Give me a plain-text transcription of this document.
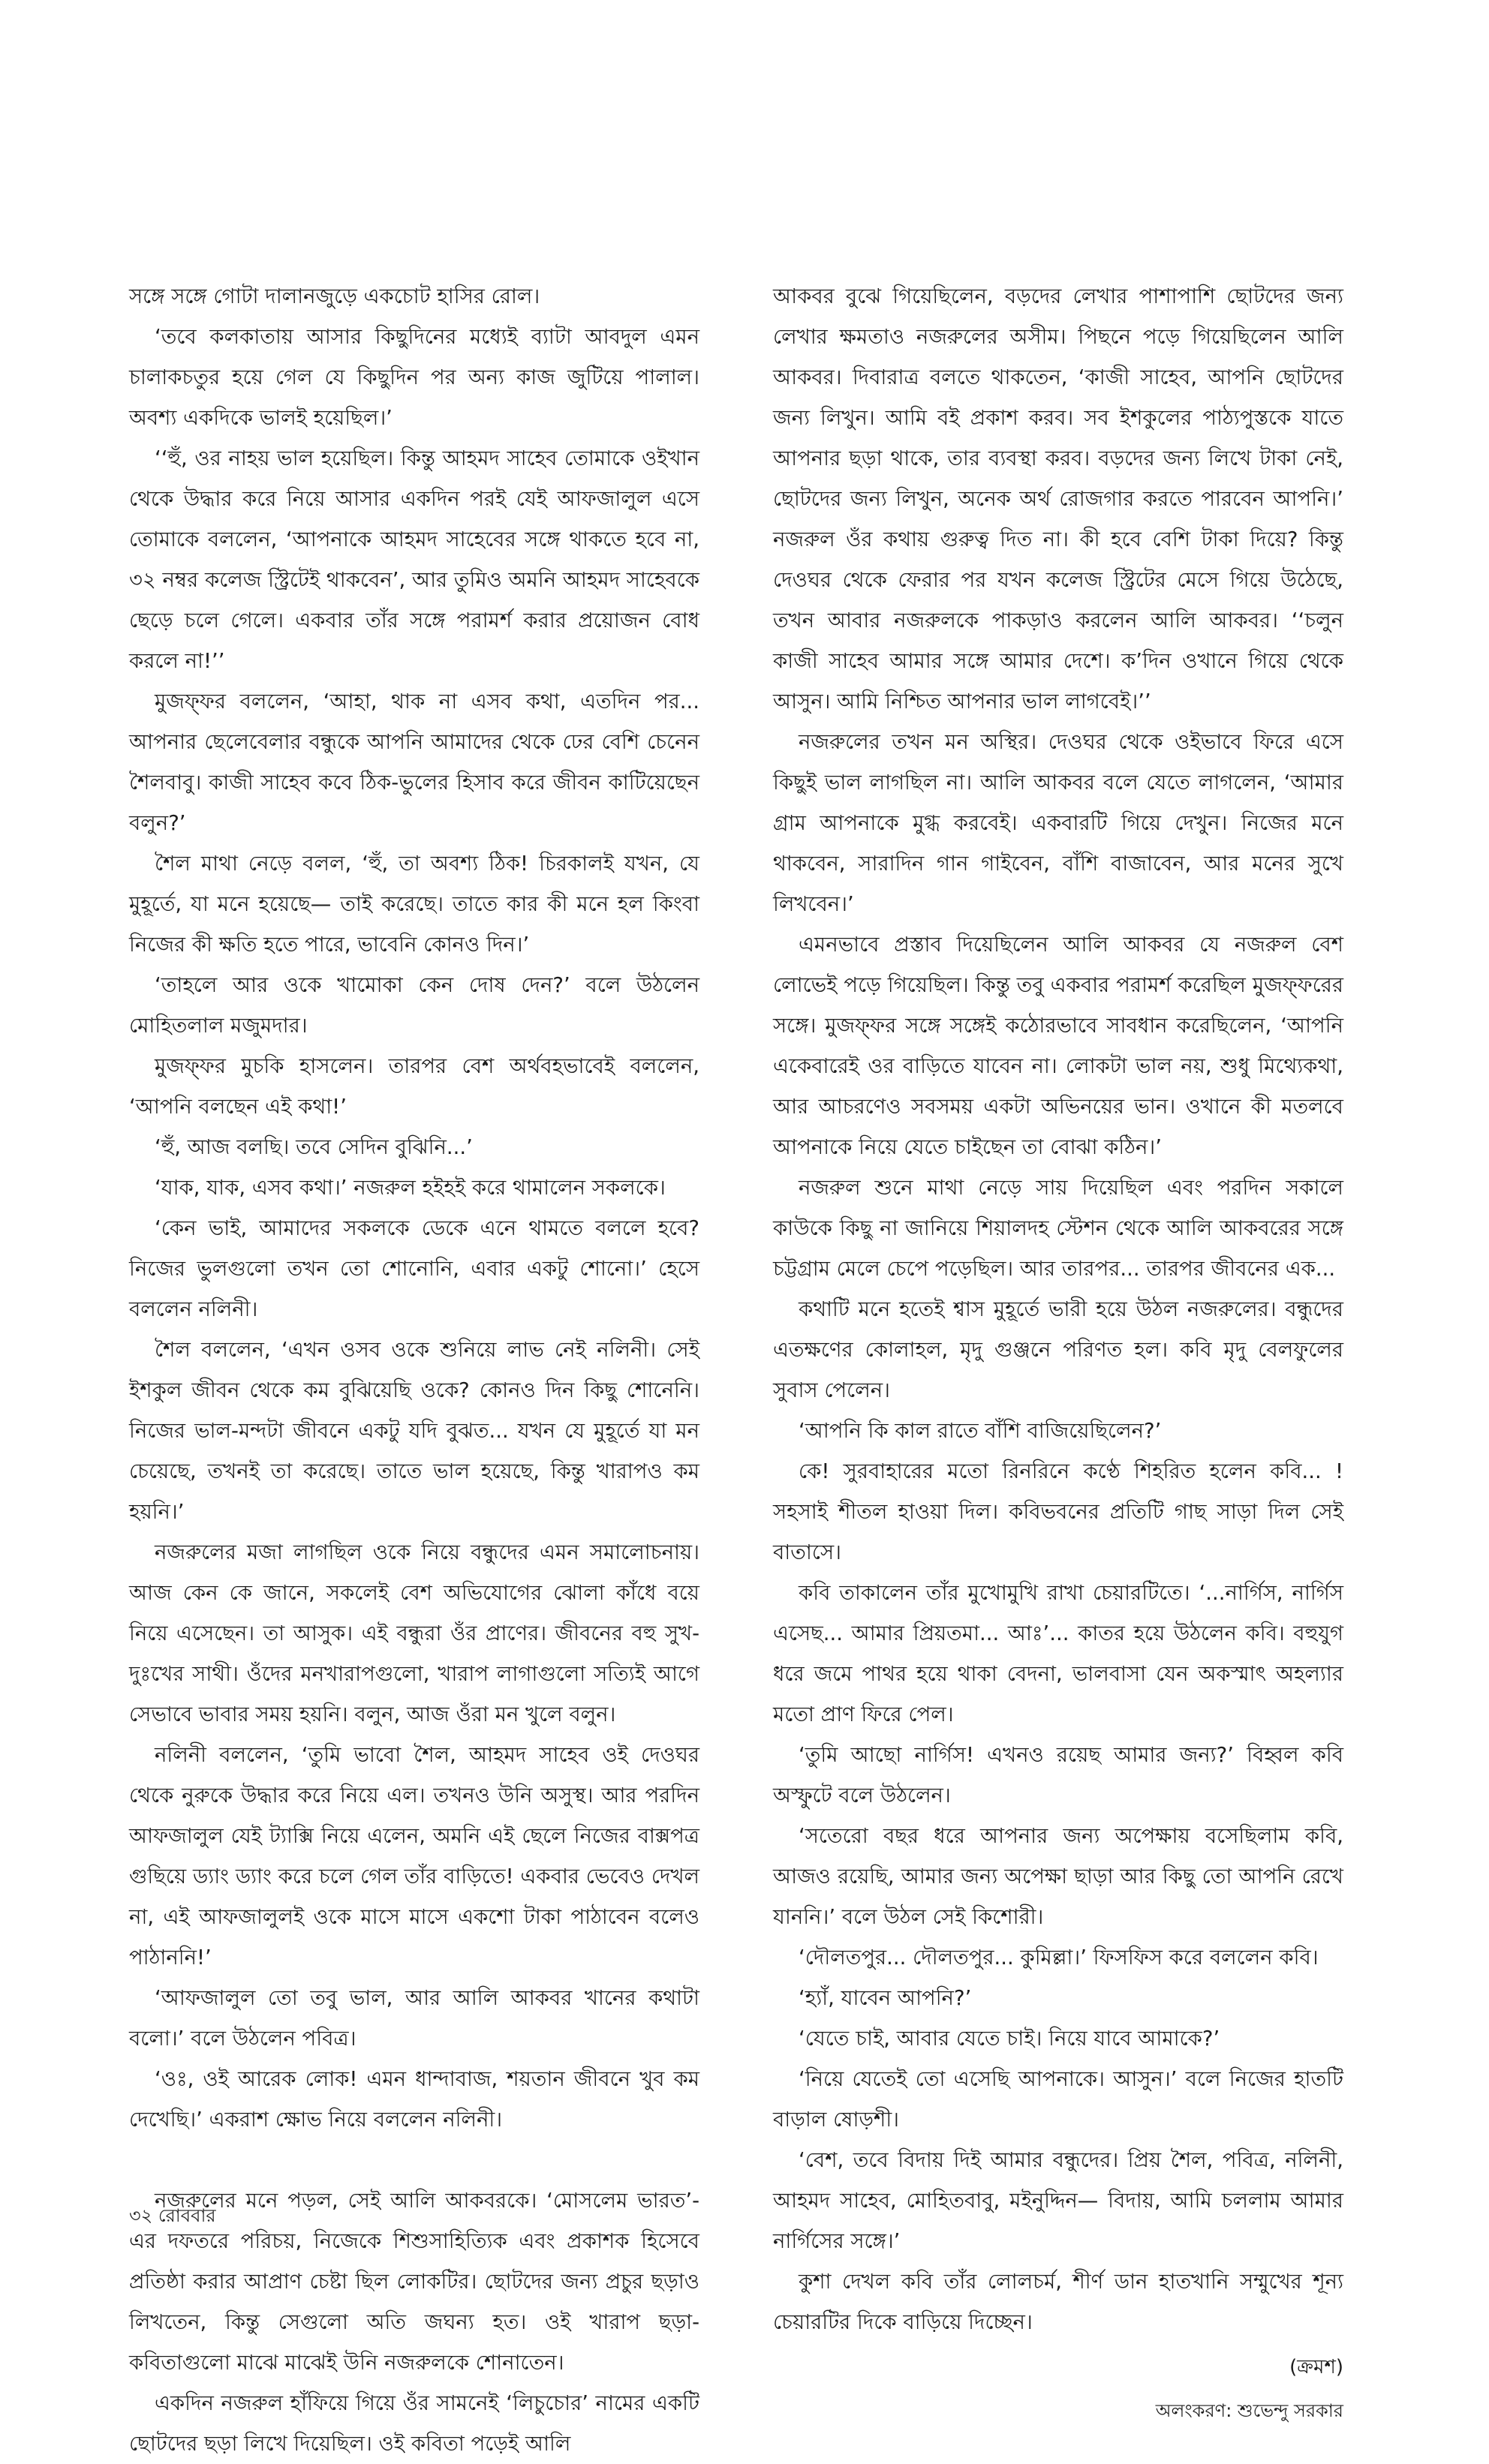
সঙ্গে সঙ্গে গোটা দালানজুড়ে একচোট হাসির রোল।

‘তবে কলকাতায় আসার কিছুদিনের মধ্যেই ব্যাটা আবদুল এমন চালাকচতুর হয়ে গেল যে কিছুদিন পর অন্য কাজ জুটিয়ে পালাল। অবশ্য একদিকে ভালই হয়েছিল।’

‘‘হুঁ, ওর নাহয় ভাল হয়েছিল। কিন্তু আহমদ সাহেব তোমাকে ওইখান থেকে উদ্ধার করে নিয়ে আসার একদিন পরই যেই আফজালুল এসে তোমাকে বললেন, ‘আপনাকে আহমদ সাহেবের সঙ্গে থাকতে হবে না, ৩২ নম্বর কলেজ স্ট্রিটেই থাকবেন’, আর তুমিও অমনি আহমদ সাহেবকে ছেড়ে চলে গেলে। একবার তাঁর সঙ্গে পরামর্শ করার প্রয়োজন বোধ করলে না!’’

মুজফ্ফর বললেন, ‘আহা, থাক না এসব কথা, এতদিন পর... আপনার ছেলেবেলার বন্ধুকে আপনি আমাদের থেকে ঢের বেশি চেনেন শৈলবাবু। কাজী সাহেব কবে ঠিক-ভুলের হিসাব করে জীবন কাটিয়েছেন বলুন?’

শৈল মাথা নেড়ে বলল, ‘হুঁ, তা অবশ্য ঠিক! চিরকালই যখন, যে মুহূর্তে, যা মনে হয়েছে— তাই করেছে। তাতে কার কী মনে হল কিংবা নিজের কী ক্ষতি হতে পারে, ভাবেনি কোনও দিন।’

‘তাহলে আর ওকে খামোকা কেন দোষ দেন?’ বলে উঠলেন মোহিতলাল মজুমদার।

মুজফ্ফর মুচকি হাসলেন। তারপর বেশ অর্থবহভাবেই বললেন, ‘আপনি বলছেন এই কথা!’

‘হুঁ, আজ বলছি। তবে সেদিন বুঝিনি...’

‘যাক, যাক, এসব কথা।’ নজরুল হইহই করে থামালেন সকলকে।

‘কেন ভাই, আমাদের সকলকে ডেকে এনে থামতে বললে হবে? নিজের ভুলগুলো তখন তো শোনোনি, এবার একটু শোনো।’ হেসে বললেন নলিনী।

শৈল বললেন, ‘এখন ওসব ওকে শুনিয়ে লাভ নেই নলিনী। সেই ইশকুল জীবন থেকে কম বুঝিয়েছি ওকে? কোনও দিন কিছু শোনেনি। নিজের ভাল-মন্দটা জীবনে একটু যদি বুঝত... যখন যে মুহূর্তে যা মন চেয়েছে, তখনই তা করেছে। তাতে ভাল হয়েছে, কিন্তু খারাপও কম হয়নি।’

নজরুলের মজা লাগছিল ওকে নিয়ে বন্ধুদের এমন সমালোচনায়। আজ কেন কে জানে, সকলেই বেশ অভিযোগের ঝোলা কাঁধে বয়ে নিয়ে এসেছেন। তা আসুক। এই বন্ধুরা ওঁর প্রাণের। জীবনের বহু সুখ-দুঃখের সাথী। ওঁদের মনখারাপগুলো, খারাপ লাগাগুলো সত্যিই আগে সেভাবে ভাবার সময় হয়নি। বলুন, আজ ওঁরা মন খুলে বলুন।

নলিনী বললেন, ‘তুমি ভাবো শৈল, আহমদ সাহেব ওই দেওঘর থেকে নুরুকে উদ্ধার করে নিয়ে এল। তখনও উনি অসুস্থ। আর পরদিন আফজালুল যেই ট্যাক্সি নিয়ে এলেন, অমনি এই ছেলে নিজের বাক্সপত্র গুছিয়ে ড্যাং ড্যাং করে চলে গেল তাঁর বাড়িতে! একবার ভেবেও দেখল না, এই আফজালুলই ওকে মাসে মাসে একশো টাকা পাঠাবেন বলেও পাঠাননি!’

‘আফজালুল তো তবু ভাল, আর আলি আকবর খানের কথাটা বলো।’ বলে উঠলেন পবিত্র।

‘ওঃ, ওই আরেক লোক! এমন ধান্দাবাজ, শয়তান জীবনে খুব কম দেখেছি।’ একরাশ ক্ষোভ নিয়ে বললেন নলিনী।

নজরুলের মনে পড়ল, সেই আলি আকবরকে। ‘মোসলেম ভারত’-এর দফতরে পরিচয়, নিজেকে শিশুসাহিত্যিক এবং প্রকাশক হিসেবে প্রতিষ্ঠা করার আপ্রাণ চেষ্টা ছিল লোকটির। ছোটদের জন্য প্রচুর ছড়াও লিখতেন, কিন্তু সেগুলো অতি জঘন্য হত। ওই খারাপ ছড়া-কবিতাগুলো মাঝে মাঝেই উনি নজরুলকে শোনাতেন।

একদিন নজরুল হাঁফিয়ে গিয়ে ওঁর সামনেই ‘লিচুচোর’ নামের একটি ছোটদের ছড়া লিখে দিয়েছিল। ওই কবিতা পড়েই আলি

আকবর বুঝে গিয়েছিলেন, বড়দের লেখার পাশাপাশি ছোটদের জন্য লেখার ক্ষমতাও নজরুলের অসীম। পিছনে পড়ে গিয়েছিলেন আলি আকবর। দিবারাত্র বলতে থাকতেন, ‘কাজী সাহেব, আপনি ছোটদের জন্য লিখুন। আমি বই প্রকাশ করব। সব ইশকুলের পাঠ্যপুস্তকে যাতে আপনার ছড়া থাকে, তার ব্যবস্থা করব। বড়দের জন্য লিখে টাকা নেই, ছোটদের জন্য লিখুন, অনেক অর্থ রোজগার করতে পারবেন আপনি।’ নজরুল ওঁর কথায় গুরুত্ব দিত না। কী হবে বেশি টাকা দিয়ে? কিন্তু দেওঘর থেকে ফেরার পর যখন কলেজ স্ট্রিটের মেসে গিয়ে উঠেছে, তখন আবার নজরুলকে পাকড়াও করলেন আলি আকবর। ‘‘চলুন কাজী সাহেব আমার সঙ্গে আমার দেশে। ক’দিন ওখানে গিয়ে থেকে আসুন। আমি নিশ্চিত আপনার ভাল লাগবেই।’’

নজরুলের তখন মন অস্থির। দেওঘর থেকে ওইভাবে ফিরে এসে কিছুই ভাল লাগছিল না। আলি আকবর বলে যেতে লাগলেন, ‘আমার গ্রাম আপনাকে মুগ্ধ করবেই। একবারটি গিয়ে দেখুন। নিজের মনে থাকবেন, সারাদিন গান গাইবেন, বাঁশি বাজাবেন, আর মনের সুখে লিখবেন।’

এমনভাবে প্রস্তাব দিয়েছিলেন আলি আকবর যে নজরুল বেশ লোভেই পড়ে গিয়েছিল। কিন্তু তবু একবার পরামর্শ করেছিল মুজফ্ফরের সঙ্গে। মুজফ্ফর সঙ্গে সঙ্গেই কঠোরভাবে সাবধান করেছিলেন, ‘আপনি একেবারেই ওর বাড়িতে যাবেন না। লোকটা ভাল নয়, শুধু মিথ্যেকথা, আর আচরণেও সবসময় একটা অভিনয়ের ভান। ওখানে কী মতলবে আপনাকে নিয়ে যেতে চাইছেন তা বোঝা কঠিন।’

নজরুল শুনে মাথা নেড়ে সায় দিয়েছিল এবং পরদিন সকালে কাউকে কিছু না জানিয়ে শিয়ালদহ স্টেশন থেকে আলি আকবরের সঙ্গে চট্টগ্রাম মেলে চেপে পড়েছিল। আর তারপর... তারপর জীবনের এক...

কথাটি মনে হতেই শ্বাস মুহূর্তে ভারী হয়ে উঠল নজরুলের। বন্ধুদের এতক্ষণের কোলাহল, মৃদু গুঞ্জনে পরিণত হল। কবি মৃদু বেলফুলের সুবাস পেলেন।

‘আপনি কি কাল রাতে বাঁশি বাজিয়েছিলেন?’

কে! সুরবাহারের মতো রিনরিনে কণ্ঠে শিহরিত হলেন কবি... ! সহসাই শীতল হাওয়া দিল। কবিভবনের প্রতিটি গাছ সাড়া দিল সেই বাতাসে।

কবি তাকালেন তাঁর মুখোমুখি রাখা চেয়ারটিতে। ‘...নার্গিস, নার্গিস এসেছ... আমার প্রিয়তমা... আঃ’... কাতর হয়ে উঠলেন কবি। বহুযুগ ধরে জমে পাথর হয়ে থাকা বেদনা, ভালবাসা যেন অকস্মাৎ অহল্যার মতো প্রাণ ফিরে পেল।

‘তুমি আছো নার্গিস! এখনও রয়েছ আমার জন্য?’ বিহ্বল কবি অস্ফুটে বলে উঠলেন।

‘সতেরো বছর ধরে আপনার জন্য অপেক্ষায় বসেছিলাম কবি, আজও রয়েছি, আমার জন্য অপেক্ষা ছাড়া আর কিছু তো আপনি রেখে যাননি।’ বলে উঠল সেই কিশোরী।

‘দৌলতপুর... দৌলতপুর... কুমিল্লা।’ ফিসফিস করে বললেন কবি।

‘হ্যাঁ, যাবেন আপনি?’

‘যেতে চাই, আবার যেতে চাই। নিয়ে যাবে আমাকে?’

‘নিয়ে যেতেই তো এসেছি আপনাকে। আসুন।’ বলে নিজের হাতটি বাড়াল ষোড়শী।

‘বেশ, তবে বিদায় দিই আমার বন্ধুদের। প্রিয় শৈল, পবিত্র, নলিনী, আহমদ সাহেব, মোহিতবাবু, মইনুদ্দিন— বিদায়, আমি চললাম আমার নার্গিসের সঙ্গে।’

কুশা দেখল কবি তাঁর লোলচর্ম, শীর্ণ ডান হাতখানি সম্মুখের শূন্য চেয়ারটির দিকে বাড়িয়ে দিচ্ছেন।

(ক্রমশ)
অলংকরণ: শুভেন্দু সরকার
৩২ রোববার
